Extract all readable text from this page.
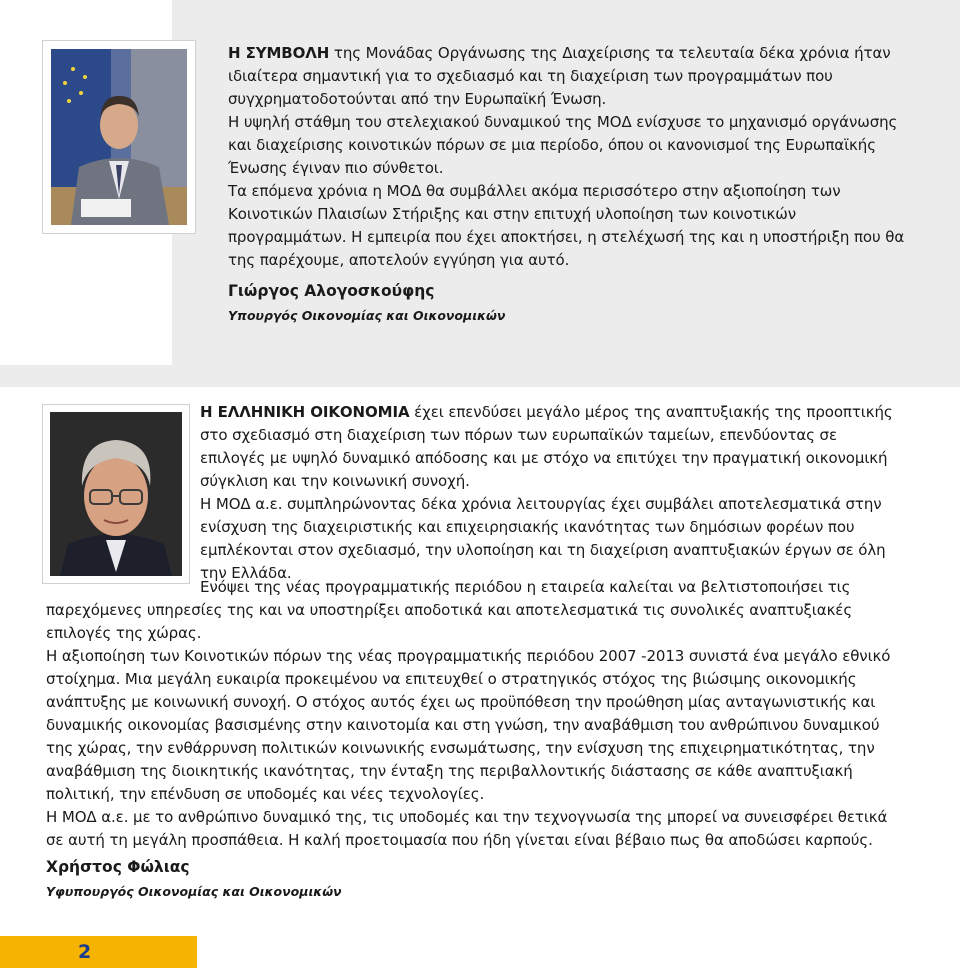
Η ΣΥΜΒΟΛΗ της Μονάδας Οργάνωσης της Διαχείρισης τα τελευταία δέκα χρόνια ήταν ιδιαίτερα σημαντική για το σχεδιασμό και τη διαχείριση των προγραμμάτων που συγχρηματοδοτούνται από την Ευρωπαϊκή Ένωση.

Η υψηλή στάθμη του στελεχιακού δυναμικού της ΜΟΔ ενίσχυσε το μηχανισμό οργάνωσης και διαχείρισης κοινοτικών πόρων σε μια περίοδο, όπου οι κανονισμοί της Ευρωπαϊκής Ένωσης έγιναν πιο σύνθετοι.

Τα επόμενα χρόνια η ΜΟΔ θα συμβάλλει ακόμα περισσότερο στην αξιοποίηση των Κοινοτικών Πλαισίων Στήριξης και στην επιτυχή υλοποίηση των κοινοτικών προγραμμάτων. Η εμπειρία που έχει αποκτήσει, η στελέχωσή της και η υποστήριξη που θα της παρέχουμε, αποτελούν εγγύηση για αυτό.

Γιώργος Αλογοσκούφης
Υπουργός Οικονομίας και Οικονομικών

Η ΕΛΛΗΝΙΚΗ ΟΙΚΟΝΟΜΙΑ έχει επενδύσει μεγάλο μέρος της αναπτυξιακής της προοπτικής στο σχεδιασμό στη διαχείριση των πόρων των ευρωπαϊκών ταμείων, επενδύοντας σε επιλογές με υψηλό δυναμικό απόδοσης και με στόχο να επιτύχει την πραγματική οικονομική σύγκλιση και την κοινωνική συνοχή.

Η ΜΟΔ α.ε. συμπληρώνοντας δέκα χρόνια λειτουργίας έχει συμβάλει αποτελεσματικά στην ενίσχυση της διαχειριστικής και επιχειρησιακής ικανότητας των δημόσιων φορέων που εμπλέκονται στον σχεδιασμό, την υλοποίηση και τη διαχείριση αναπτυξιακών έργων σε όλη την Ελλάδα.

Ενόψει της νέας προγραμματικής περιόδου η εταιρεία καλείται να βελτιστοποιήσει τις παρεχόμενες υπηρεσίες της και να υποστηρίξει αποδοτικά και αποτελεσματικά τις συνολικές αναπτυξιακές επιλογές της χώρας.

Η αξιοποίηση των Κοινοτικών πόρων της νέας προγραμματικής περιόδου 2007 -2013 συνιστά ένα μεγάλο εθνικό στοίχημα. Μια μεγάλη ευκαιρία προκειμένου να επιτευχθεί ο στρατηγικός στόχος της βιώσιμης οικονομικής ανάπτυξης με κοινωνική συνοχή. Ο στόχος αυτός έχει ως προϋπόθεση την προώθηση μίας ανταγωνιστικής και δυναμικής οικονομίας βασισμένης στην καινοτομία και στη γνώση, την αναβάθμιση του ανθρώπινου δυναμικού της χώρας, την ενθάρρυνση πολιτικών κοινωνικής ενσωμάτωσης, την ενίσχυση της επιχειρηματικότητας, την αναβάθμιση της διοικητικής ικανότητας, την ένταξη της περιβαλλοντικής διάστασης σε κάθε αναπτυξιακή πολιτική, την επένδυση σε υποδομές και νέες τεχνολογίες.

Η ΜΟΔ α.ε. με το ανθρώπινο δυναμικό της, τις υποδομές και την τεχνογνωσία της μπορεί να συνεισφέρει θετικά σε αυτή τη μεγάλη προσπάθεια. Η καλή προετοιμασία που ήδη γίνεται είναι βέβαιο πως θα αποδώσει καρπούς.

Χρήστος Φώλιας
Υφυπουργός Οικονομίας και Οικονομικών
2
